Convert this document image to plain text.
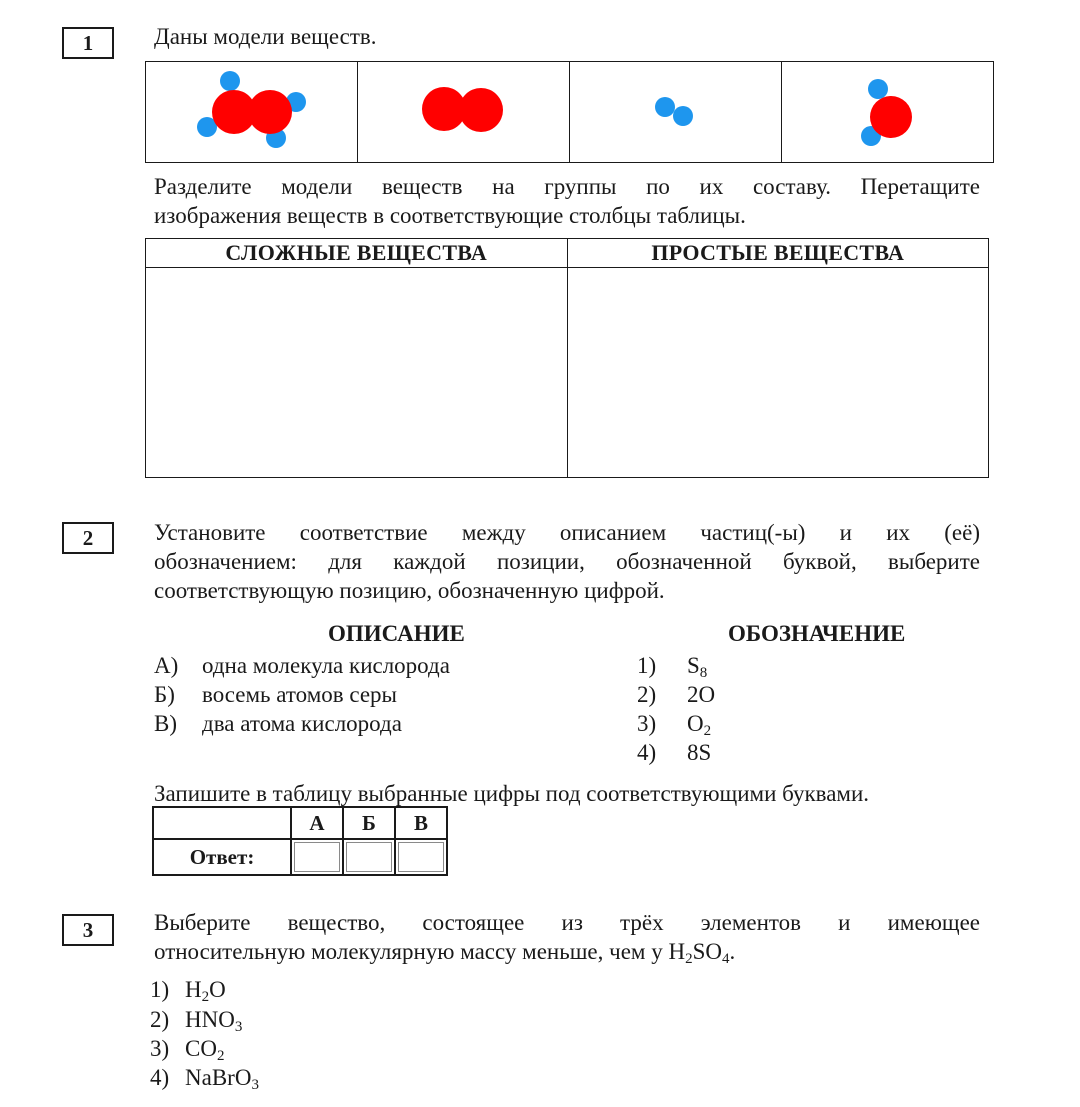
1	Даны модели веществ.

Разделите модели веществ на группы по их составу. Перетащите
изображения веществ в соответствующие столбцы таблицы.
СЛОЖНЫЕ ВЕЩЕСТВА	ПРОСТЫЕ ВЕЩЕСТВА

2	Установите соответствие между описанием частиц(-ы) и их (её)
обозначением: для каждой позиции, обозначенной буквой, выберите
соответствующую позицию, обозначенную цифрой.
ОПИСАНИЕ	ОБОЗНАЧЕНИЕ
А) одна молекула кислорода
Б) восемь атомов серы
В) два атома кислорода
1) $S_8$
2) 2O
3) $O_2$
4) 8S
Запишите в таблицу выбранные цифры под соответствующими буквами.
	А	Б	В
Ответ:	

3	Выберите вещество, состоящее из трёх элементов и имеющее
относительную молекулярную массу меньше, чем у $H_2SO_4$.
1) $H_2O$
2) $HNO_3$
3) $CO_2$
4) NaBrO$_3$
